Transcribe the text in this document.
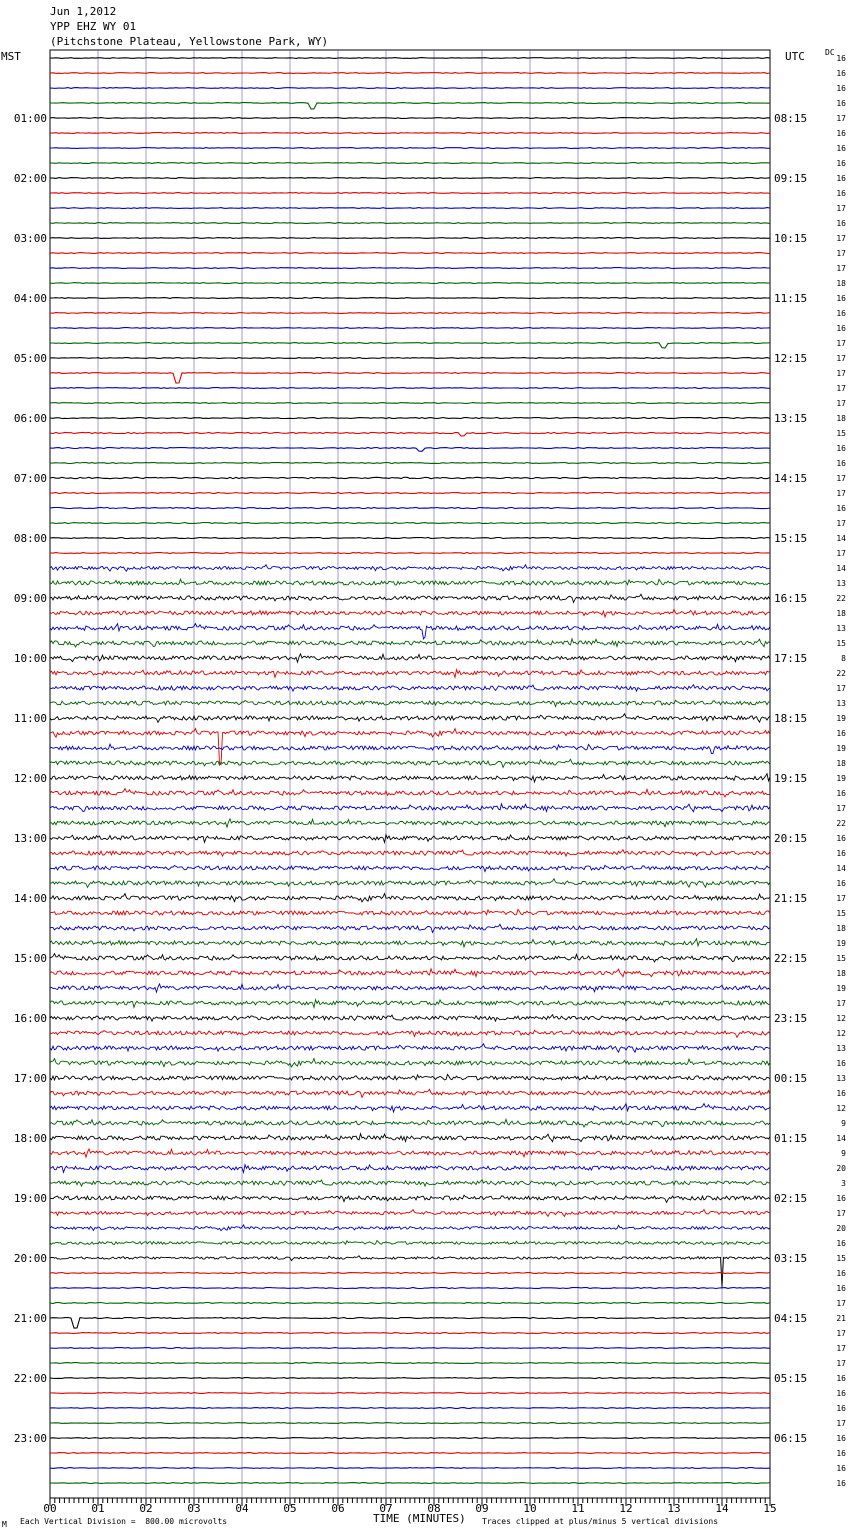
Jun 1,2012
YPP EHZ WY 01
(Pitchstone Plateau, Yellowstone Park, WY)
MST	UTC	DC
16
16
16
16
17
16
16
16
16
16
17
16
17
17
17
18
16
16
16
17
17
17
17
17
18
15
16
16
17
17
16
17
14
17
14
13
22
18
13
15
8
22
17
13
19
16
19
18
19
16
17
22
16
16
14
16
17
15
18
19
15
18
19
17
12
12
13
16
13
16
12
9
14
9
20
3
16
17
20
16
15
16
16
17
21
17
17
17
16
16
16
17
16
16
16
16
01:00	08:15
02:00	09:15
03:00	10:15
04:00	11:15
05:00	12:15
06:00	13:15
07:00	14:15
08:00	15:15
09:00	16:15
10:00	17:15
11:00	18:15
12:00	19:15
13:00	20:15
14:00	21:15
15:00	22:15
16:00	23:15
17:00	00:15
18:00	01:15
19:00	02:15
20:00	03:15
21:00	04:15
22:00	05:15
23:00	06:15
00	01	02	03	04	05	06	07	08	09	10	11	12	13	14	15
M Each Vertical Division =  800.00 microvolts	TIME (MINUTES) Traces clipped at plus/minus 5 vertical divisions
